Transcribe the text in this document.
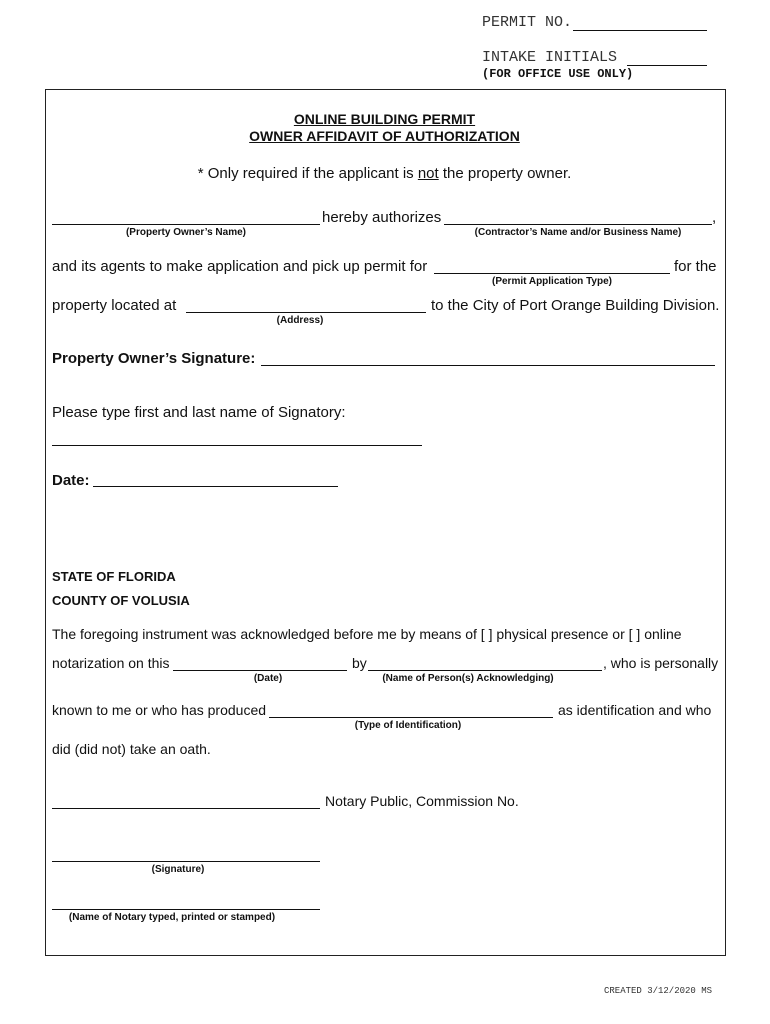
PERMIT NO.
INTAKE INITIALS
(FOR OFFICE USE ONLY)
ONLINE BUILDING PERMIT
OWNER AFFIDAVIT OF AUTHORIZATION
* Only required if the applicant is not the property owner.
hereby authorizes	,
(Property Owner’s Name)	(Contractor’s Name and/or Business Name)
and its agents to make application and pick up permit for	for the
(Permit Application Type)
property located at	to the City of Port Orange Building Division.
(Address)
Property Owner’s Signature:
Please type first and last name of Signatory:
Date:
STATE OF FLORIDA
COUNTY OF VOLUSIA
The foregoing instrument was acknowledged before me by means of [ ] physical presence or [ ] online
notarization on this	by	, who is personally
(Date)	(Name of Person(s) Acknowledging)
known to me or who has produced	as identification and who
(Type of Identification)
did (did not) take an oath.
Notary Public, Commission No.
(Signature)
(Name of Notary typed, printed or stamped)
CREATED 3/12/2020 MS
